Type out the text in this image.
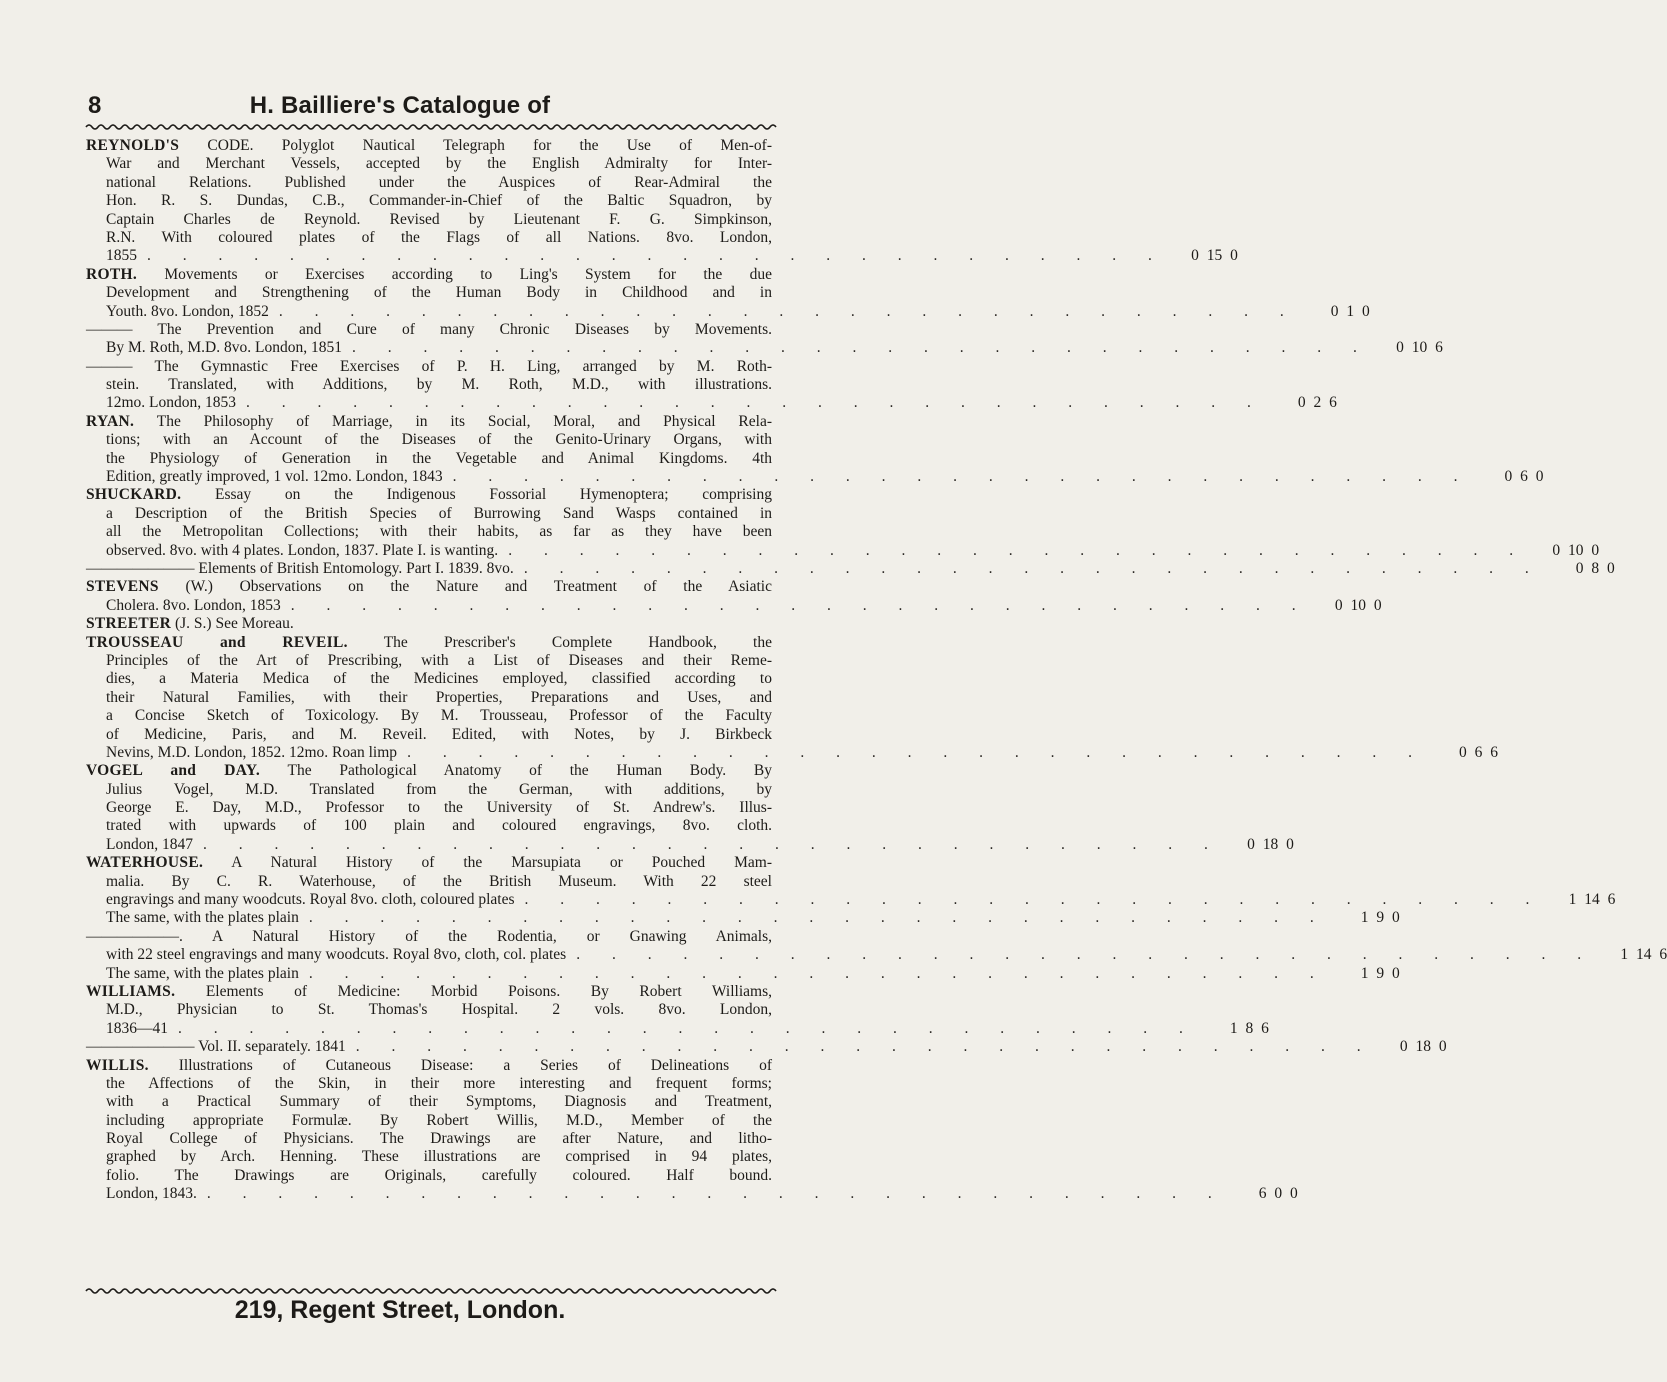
8	H. Bailliere's Catalogue of
REYNOLD'S CODE. Polyglot Nautical Telegraph for the Use of Men-of-
War and Merchant Vessels, accepted by the English Admiralty for Inter-
national Relations. Published under the Auspices of Rear-Admiral the
Hon. R. S. Dundas, C.B., Commander-in-Chief of the Baltic Squadron, by
Captain Charles de Reynold. Revised by Lieutenant F. G. Simpkinson,
R.N. With coloured plates of the Flags of all Nations. 8vo. London,
1855 . . . . . . . . . . . . . . . . . . . . . . . . . . . . .	0 15 0
ROTH. Movements or Exercises according to Ling's System for the due
Development and Strengthening of the Human Body in Childhood and in
Youth. 8vo. London, 1852 . . . . . . . . . . . . . . . . . . . . . . . . . . . . .	0 1 0
——— The Prevention and Cure of many Chronic Diseases by Movements.
By M. Roth, M.D. 8vo. London, 1851 . . . . . . . . . . . . . . . . . . . . . . . . . . . . .	0 10 6
——— The Gymnastic Free Exercises of P. H. Ling, arranged by M. Roth-
stein. Translated, with Additions, by M. Roth, M.D., with illustrations.
12mo. London, 1853 . . . . . . . . . . . . . . . . . . . . . . . . . . . . .	0 2 6
RYAN. The Philosophy of Marriage, in its Social, Moral, and Physical Rela-
tions; with an Account of the Diseases of the Genito-Urinary Organs, with
the Physiology of Generation in the Vegetable and Animal Kingdoms. 4th
Edition, greatly improved, 1 vol. 12mo. London, 1843 . . . . . . . . . . . . . . . . . . . . . . . . . . . . .	0 6 0
SHUCKARD. Essay on the Indigenous Fossorial Hymenoptera; comprising
a Description of the British Species of Burrowing Sand Wasps contained in
all the Metropolitan Collections; with their habits, as far as they have been
observed. 8vo. with 4 plates. London, 1837. Plate I. is wanting. . . . . . . . . . . . . . . . . . . . . . . . . . . . . .	0 10 0
——————— Elements of British Entomology. Part I. 1839. 8vo. . . . . . . . . . . . . . . . . . . . . . . . . . . . . .	0 8 0
STEVENS (W.) Observations on the Nature and Treatment of the Asiatic
Cholera. 8vo. London, 1853 . . . . . . . . . . . . . . . . . . . . . . . . . . . . .	0 10 0
STREETER (J. S.) See Moreau.
TROUSSEAU and REVEIL. The Prescriber's Complete Handbook, the
Principles of the Art of Prescribing, with a List of Diseases and their Reme-
dies, a Materia Medica of the Medicines employed, classified according to
their Natural Families, with their Properties, Preparations and Uses, and
a Concise Sketch of Toxicology. By M. Trousseau, Professor of the Faculty
of Medicine, Paris, and M. Reveil. Edited, with Notes, by J. Birkbeck
Nevins, M.D. London, 1852. 12mo. Roan limp . . . . . . . . . . . . . . . . . . . . . . . . . . . . .	0 6 6
VOGEL and DAY. The Pathological Anatomy of the Human Body. By
Julius Vogel, M.D. Translated from the German, with additions, by
George E. Day, M.D., Professor to the University of St. Andrew's. Illus-
trated with upwards of 100 plain and coloured engravings, 8vo. cloth.
London, 1847 . . . . . . . . . . . . . . . . . . . . . . . . . . . . .	0 18 0
WATERHOUSE. A Natural History of the Marsupiata or Pouched Mam-
malia. By C. R. Waterhouse, of the British Museum. With 22 steel
engravings and many woodcuts. Royal 8vo. cloth, coloured plates . . . . . . . . . . . . . . . . . . . . . . . . . . . . .	1 14 6
The same, with the plates plain . . . . . . . . . . . . . . . . . . . . . . . . . . . . .	1 9 0
——————. A Natural History of the Rodentia, or Gnawing Animals,
with 22 steel engravings and many woodcuts. Royal 8vo, cloth, col. plates . . . . . . . . . . . . . . . . . . . . . . . . . . . . .	1 14 6
The same, with the plates plain . . . . . . . . . . . . . . . . . . . . . . . . . . . . .	1 9 0
WILLIAMS. Elements of Medicine: Morbid Poisons. By Robert Williams,
M.D., Physician to St. Thomas's Hospital. 2 vols. 8vo. London,
1836—41 . . . . . . . . . . . . . . . . . . . . . . . . . . . . .	1 8 6
——————— Vol. II. separately. 1841 . . . . . . . . . . . . . . . . . . . . . . . . . . . . .	0 18 0
WILLIS. Illustrations of Cutaneous Disease: a Series of Delineations of
the Affections of the Skin, in their more interesting and frequent forms;
with a Practical Summary of their Symptoms, Diagnosis and Treatment,
including appropriate Formulæ. By Robert Willis, M.D., Member of the
Royal College of Physicians. The Drawings are after Nature, and litho-
graphed by Arch. Henning. These illustrations are comprised in 94 plates,
folio. The Drawings are Originals, carefully coloured. Half bound.
London, 1843. . . . . . . . . . . . . . . . . . . . . . . . . . . . . .	6 0 0
219, Regent Street, London.
